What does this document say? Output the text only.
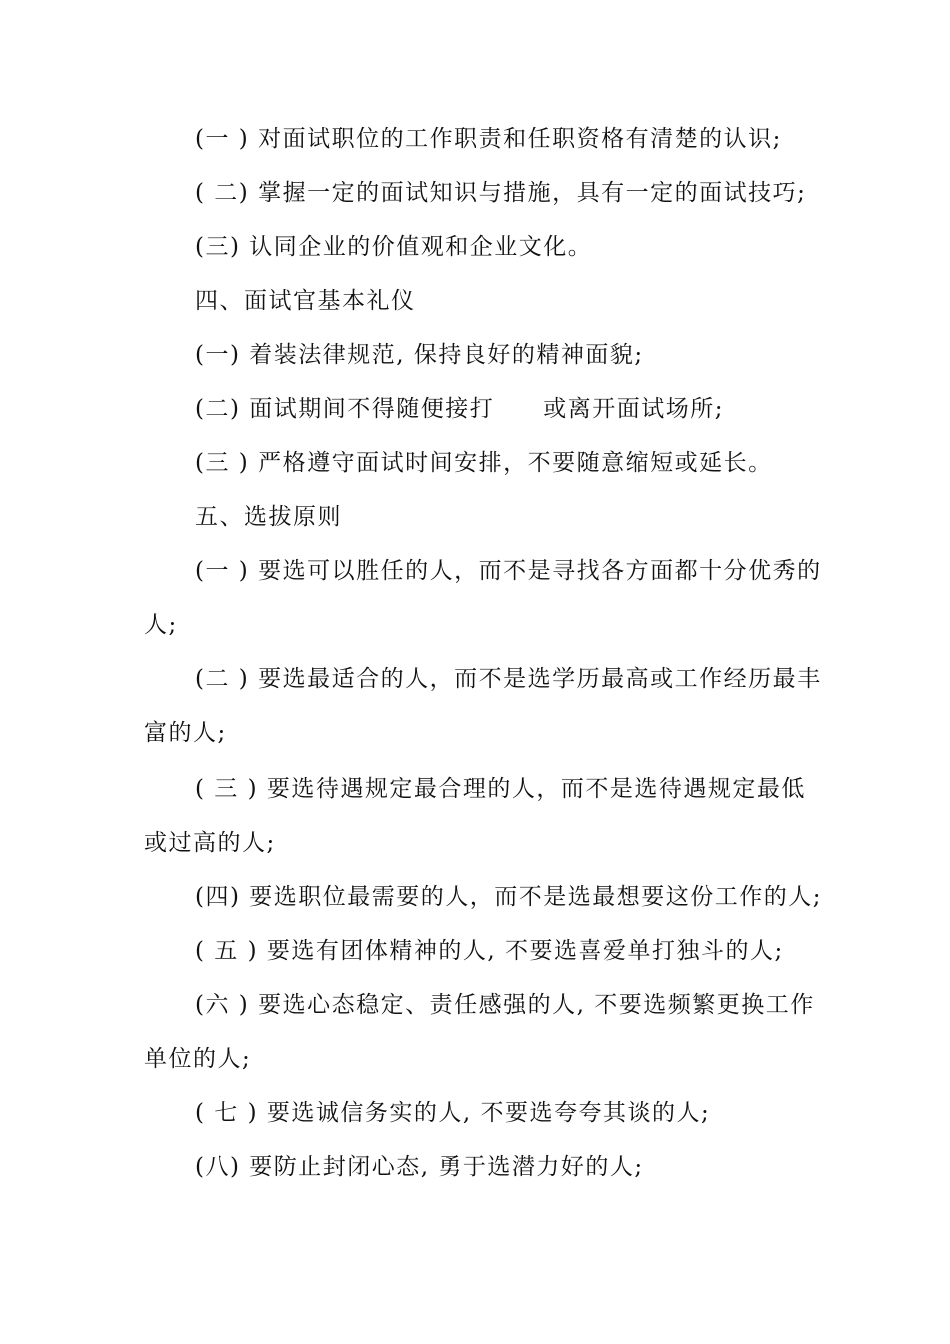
(一 ) 对面试职位的工作职责和任职资格有清楚的认识;
( 二) 掌握一定的面试知识与措施，具有一定的面试技巧;
(三) 认同企业的价值观和企业文化。
四、面试官基本礼仪
(一) 着装法律规范, 保持良好的精神面貌;
(二) 面试期间不得随便接打　　或离开面试场所;
(三 ) 严格遵守面试时间安排，不要随意缩短或延长。
五、选拔原则
(一 ) 要选可以胜任的人，而不是寻找各方面都十分优秀的
人;
(二 ) 要选最适合的人，而不是选学历最高或工作经历最丰
富的人;
( 三 ) 要选待遇规定最合理的人，而不是选待遇规定最低
或过高的人;
(四) 要选职位最需要的人，而不是选最想要这份工作的人;
( 五 ) 要选有团体精神的人, 不要选喜爱单打独斗的人;
(六 ) 要选心态稳定、责任感强的人, 不要选频繁更换工作
单位的人;
( 七 ) 要选诚信务实的人, 不要选夸夸其谈的人;
(八) 要防止封闭心态, 勇于选潜力好的人;
